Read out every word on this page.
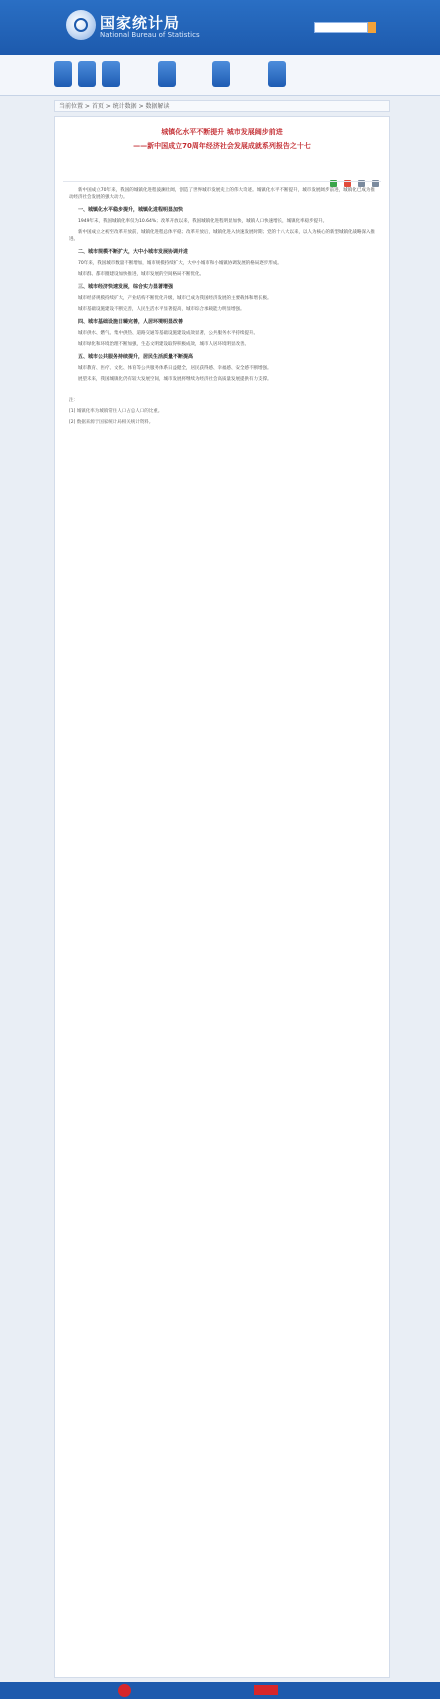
国家统计局
National Bureau of Statistics
当前位置 > 首页 > 统计数据 > 数据解读
城镇化水平不断提升 城市发展阔步前进
——新中国成立70周年经济社会发展成就系列报告之十七

新中国成立70年来，我国的城镇化进程波澜壮阔，创造了世界城市发展史上的伟大奇迹。城镇化水平不断提升，城市发展阔步前进，城镇化已成为推动经济社会发展的强大动力。

一、城镇化水平稳步提升，城镇化进程明显加快

1949年末，我国城镇化率仅为10.64%；改革开放以来，我国城镇化进程明显加快，城镇人口快速增长，城镇化率稳步提升。

新中国成立之初至改革开放前，城镇化进程总体平稳；改革开放后，城镇化进入快速发展时期；党的十八大以来，以人为核心的新型城镇化战略深入推进。

二、城市规模不断扩大，大中小城市发展协调并进

70年来，我国城市数量不断增加，城市规模持续扩大，大中小城市和小城镇协调发展的格局逐步形成。

城市群、都市圈建设加快推进，城市发展的空间格局不断优化。

三、城市经济快速发展，综合实力显著增强

城市经济规模持续扩大，产业结构不断优化升级，城市已成为我国经济发展的主要载体和增长极。

城市基础设施建设不断完善，人民生活水平显著提高，城市综合承载能力明显增强。

四、城市基础设施日臻完善，人居环境明显改善

城市供水、燃气、集中供热、道路交通等基础设施建设成效显著，公共服务水平持续提升。

城市绿化和环境治理不断加强，生态文明建设取得积极成效，城市人居环境明显改善。

五、城市公共服务持续提升，居民生活质量不断提高

城市教育、医疗、文化、体育等公共服务体系日益健全，居民获得感、幸福感、安全感不断增强。

展望未来，我国城镇化仍有较大发展空间，城市发展将继续为经济社会高质量发展提供有力支撑。

注：

[1] 城镇化率为城镇常住人口占总人口的比重。

[2] 数据来源于国家统计局相关统计资料。
